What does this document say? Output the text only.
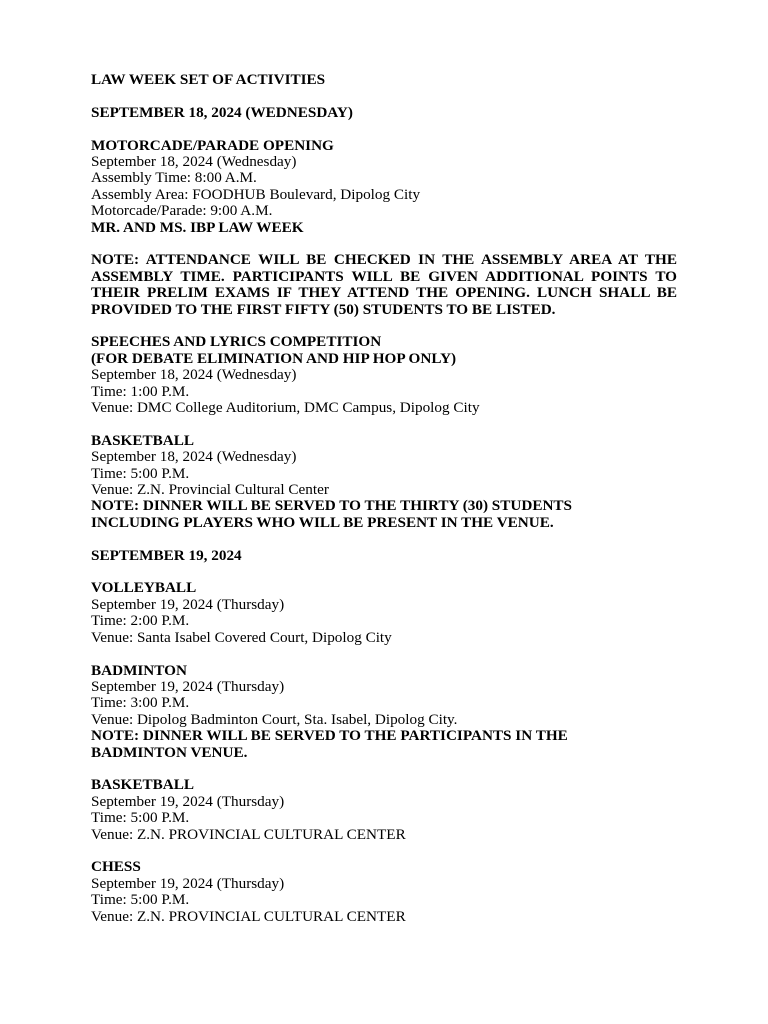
LAW WEEK SET OF ACTIVITIES
SEPTEMBER 18, 2024 (WEDNESDAY)
MOTORCADE/PARADE OPENING
September 18, 2024 (Wednesday)
Assembly Time: 8:00 A.M.
Assembly Area: FOODHUB Boulevard, Dipolog City
Motorcade/Parade: 9:00 A.M.
MR. AND MS. IBP LAW WEEK
NOTE: ATTENDANCE WILL BE CHECKED IN THE ASSEMBLY AREA AT THE ASSEMBLY TIME. PARTICIPANTS WILL BE GIVEN ADDITIONAL POINTS TO THEIR PRELIM EXAMS IF THEY ATTEND THE OPENING. LUNCH SHALL BE PROVIDED TO THE FIRST FIFTY (50) STUDENTS TO BE LISTED.
SPEECHES AND LYRICS COMPETITION
(FOR DEBATE ELIMINATION AND HIP HOP ONLY)
September 18, 2024 (Wednesday)
Time: 1:00 P.M.
Venue: DMC College Auditorium, DMC Campus, Dipolog City
BASKETBALL
September 18, 2024 (Wednesday)
Time: 5:00 P.M.
Venue: Z.N. Provincial Cultural Center
NOTE: DINNER WILL BE SERVED TO THE THIRTY (30) STUDENTS
INCLUDING PLAYERS WHO WILL BE PRESENT IN THE VENUE.
SEPTEMBER 19, 2024
VOLLEYBALL
September 19, 2024 (Thursday)
Time: 2:00 P.M.
Venue: Santa Isabel Covered Court, Dipolog City
BADMINTON
September 19, 2024 (Thursday)
Time: 3:00 P.M.
Venue: Dipolog Badminton Court, Sta. Isabel, Dipolog City.
NOTE: DINNER WILL BE SERVED TO THE PARTICIPANTS IN THE
BADMINTON VENUE.
BASKETBALL
September 19, 2024 (Thursday)
Time: 5:00 P.M.
Venue: Z.N. PROVINCIAL CULTURAL CENTER
CHESS
September 19, 2024 (Thursday)
Time: 5:00 P.M.
Venue: Z.N. PROVINCIAL CULTURAL CENTER
